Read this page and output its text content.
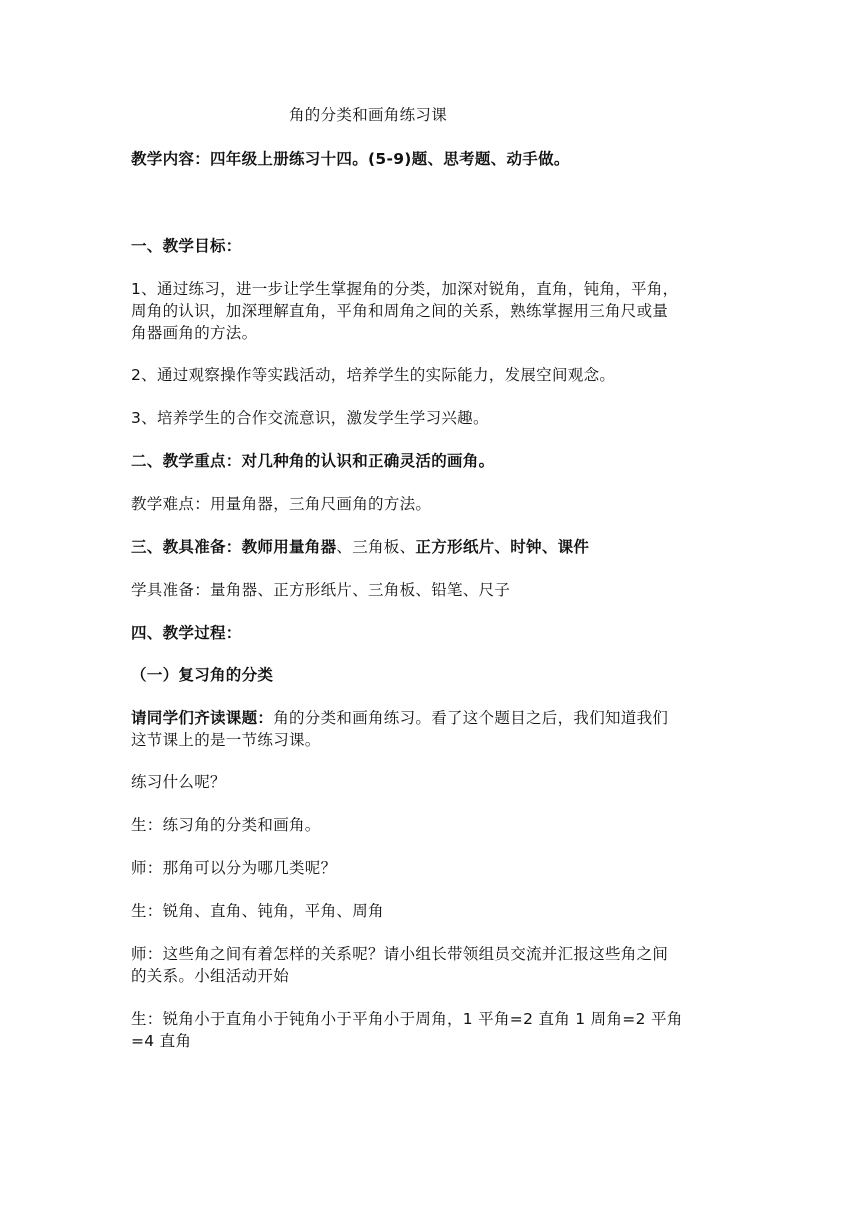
角的分类和画角练习课
教学内容：四年级上册练习十四。(5-9)题、思考题、动手做。
一、教学目标：
1、通过练习，进一步让学生掌握角的分类，加深对锐角，直角，钝角，平角，
周角的认识，加深理解直角，平角和周角之间的关系，熟练掌握用三角尺或量
角器画角的方法。
2、通过观察操作等实践活动，培养学生的实际能力，发展空间观念。
3、培养学生的合作交流意识，激发学生学习兴趣。
二、教学重点：对几种角的认识和正确灵活的画角。
教学难点：用量角器，三角尺画角的方法。
三、教具准备：教师用量角器、三角板、正方形纸片、时钟、课件
学具准备：量角器、正方形纸片、三角板、铅笔、尺子
四、教学过程：
（一）复习角的分类
请同学们齐读课题：角的分类和画角练习。看了这个题目之后，我们知道我们
这节课上的是一节练习课。
练习什么呢？
生：练习角的分类和画角。
师：那角可以分为哪几类呢？
生：锐角、直角、钝角，平角、周角
师：这些角之间有着怎样的关系呢？请小组长带领组员交流并汇报这些角之间
的关系。小组活动开始
生：锐角小于直角小于钝角小于平角小于周角，1 平角=2 直角 1 周角=2 平角
=4 直角
